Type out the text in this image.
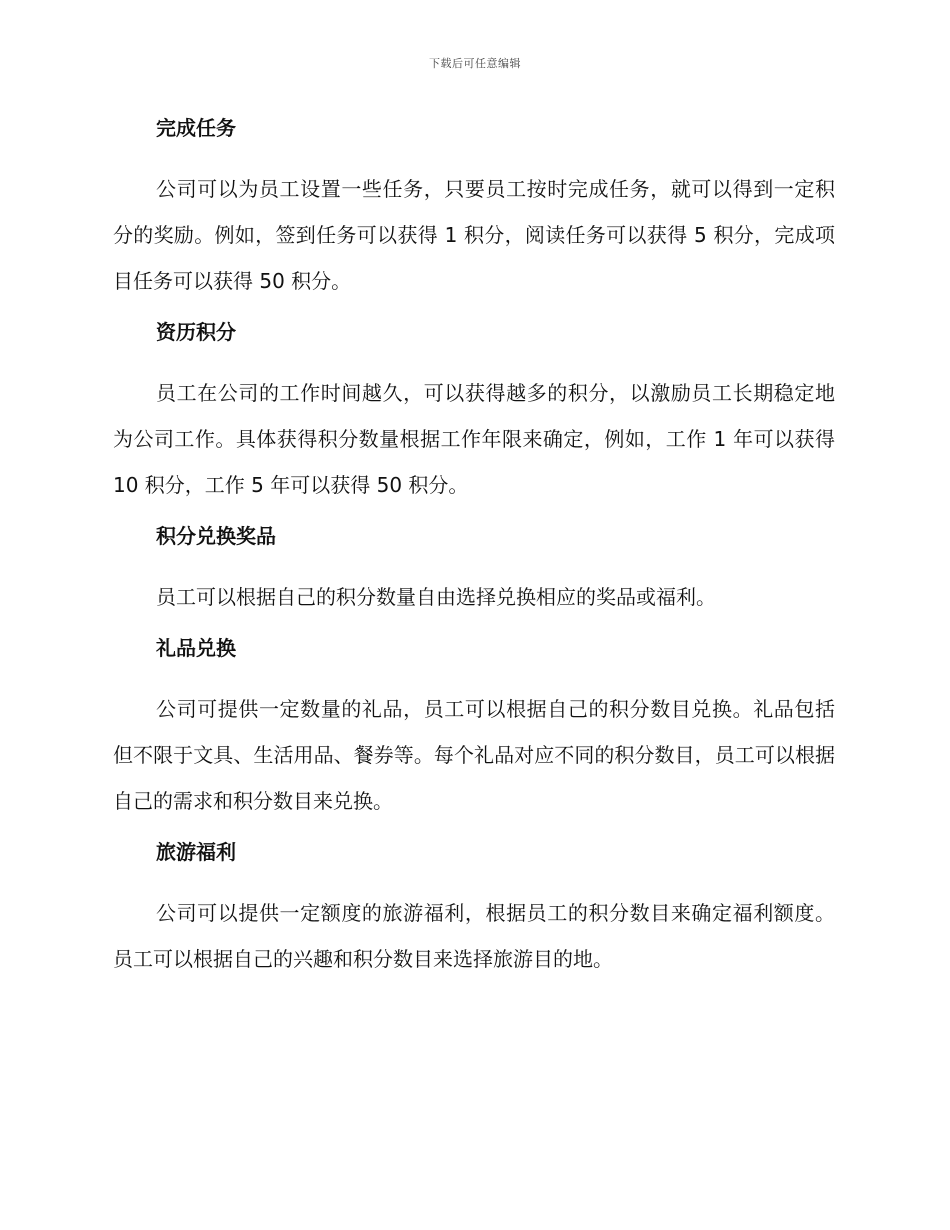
下载后可任意编辑
完成任务
公司可以为员工设置一些任务，只要员工按时完成任务，就可以得到一定积分的奖励。例如，签到任务可以获得 1 积分，阅读任务可以获得 5 积分，完成项目任务可以获得 50 积分。
资历积分
员工在公司的工作时间越久，可以获得越多的积分，以激励员工长期稳定地为公司工作。具体获得积分数量根据工作年限来确定，例如，工作 1 年可以获得 10 积分，工作 5 年可以获得 50 积分。
积分兑换奖品
员工可以根据自己的积分数量自由选择兑换相应的奖品或福利。
礼品兑换
公司可提供一定数量的礼品，员工可以根据自己的积分数目兑换。礼品包括但不限于文具、生活用品、餐券等。每个礼品对应不同的积分数目，员工可以根据自己的需求和积分数目来兑换。
旅游福利
公司可以提供一定额度的旅游福利，根据员工的积分数目来确定福利额度。员工可以根据自己的兴趣和积分数目来选择旅游目的地。
